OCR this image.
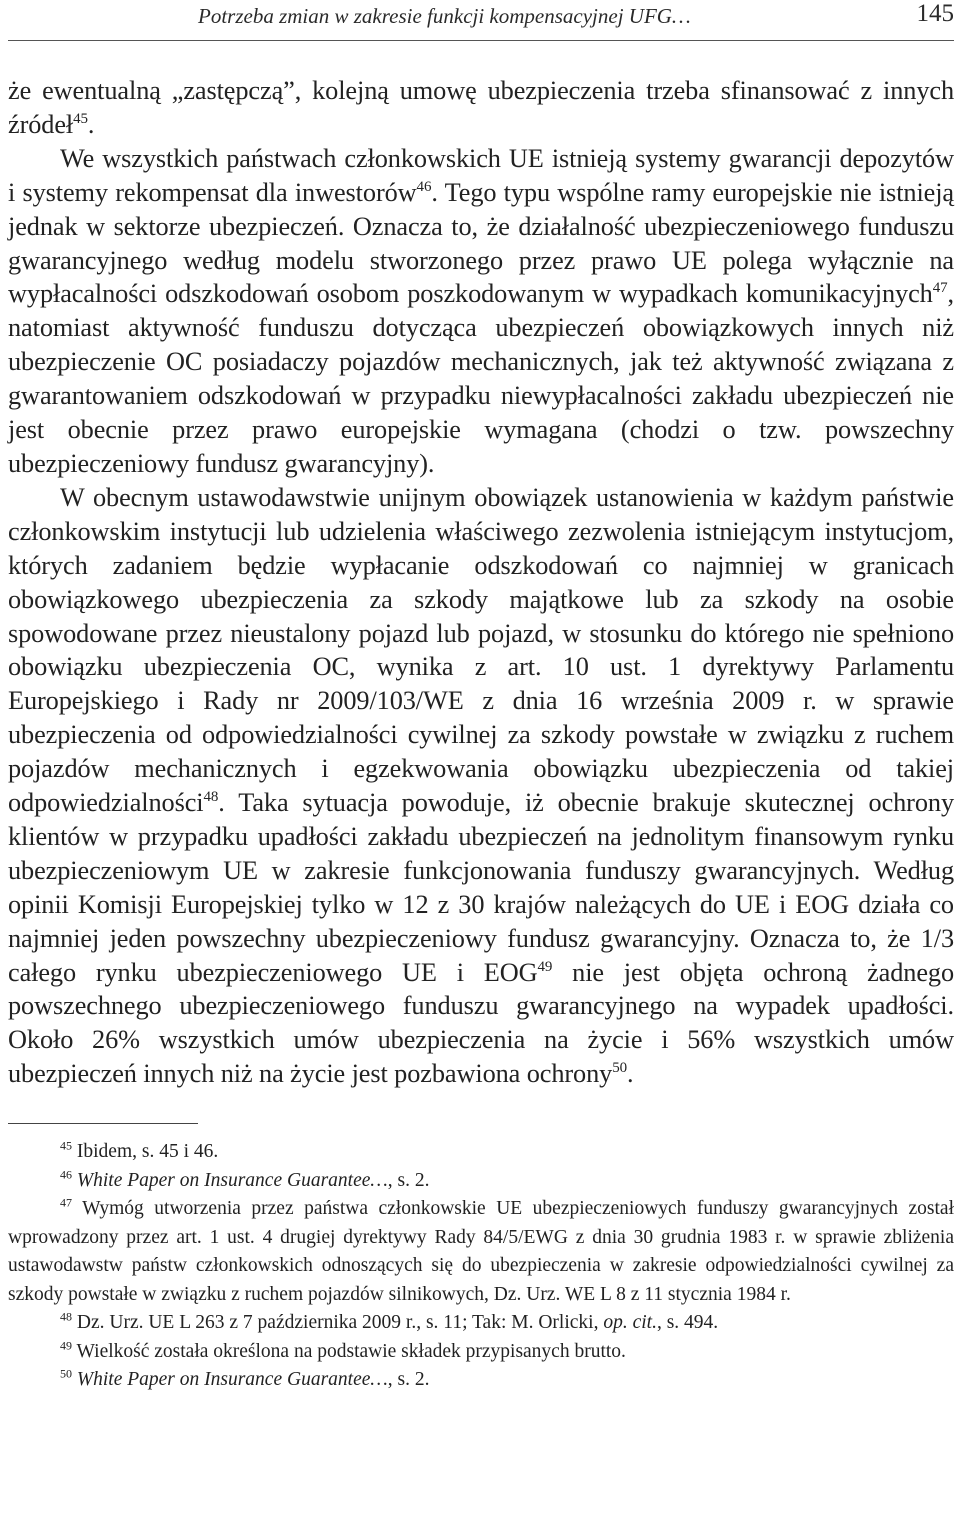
Potrzeba zmian w zakresie funkcji kompensacyjnej UFG…	145

że ewentualną „zastępczą”, kolejną umowę ubezpieczenia trzeba sfinansować z innych źródeł$^{45}$.

We wszystkich państwach członkowskich UE istnieją systemy gwarancji depozytów i systemy rekompensat dla inwestorów$^{46}$. Tego typu wspólne ramy europejskie nie istnieją jednak w sektorze ubezpieczeń. Oznacza to, że działalność ubezpieczeniowego funduszu gwarancyjnego według modelu stworzonego przez prawo UE polega wyłącznie na wypłacalności odszkodowań osobom poszkodowanym w wypadkach komunikacyjnych$^{47}$, natomiast aktywność funduszu dotycząca ubezpieczeń obowiązkowych innych niż ubezpieczenie OC posiadaczy pojazdów mechanicznych, jak też aktywność związana z gwarantowaniem odszkodowań w przypadku niewypłacalności zakładu ubezpieczeń nie jest obecnie przez prawo europejskie wymagana (chodzi o tzw. powszechny ubezpieczeniowy fundusz gwarancyjny).

W obecnym ustawodawstwie unijnym obowiązek ustanowienia w każdym państwie członkowskim instytucji lub udzielenia właściwego zezwolenia istniejącym instytucjom, których zadaniem będzie wypłacanie odszkodowań co najmniej w granicach obowiązkowego ubezpieczenia za szkody majątkowe lub za szkody na osobie spowodowane przez nieustalony pojazd lub pojazd, w stosunku do którego nie spełniono obowiązku ubezpieczenia OC, wynika z art. 10 ust. 1 dyrektywy Parlamentu Europejskiego i Rady nr 2009/103/WE z dnia 16 września 2009 r. w sprawie ubezpieczenia od odpowiedzialności cywilnej za szkody powstałe w związku z ruchem pojazdów mechanicznych i egzekwowania obowiązku ubezpieczenia od takiej odpowiedzialności$^{48}$. Taka sytuacja powoduje, iż obecnie brakuje skutecznej ochrony klientów w przypadku upadłości zakładu ubezpieczeń na jednolitym finansowym rynku ubezpieczeniowym UE w zakresie funkcjonowania funduszy gwarancyjnych. Według opinii Komisji Europejskiej tylko w 12 z 30 krajów należących do UE i EOG działa co najmniej jeden powszechny ubezpieczeniowy fundusz gwarancyjny. Oznacza to, że 1/3 całego rynku ubezpieczeniowego UE i EOG$^{49}$ nie jest objęta ochroną żadnego powszechnego ubezpieczeniowego funduszu gwarancyjnego na wypadek upadłości. Około 26% wszystkich umów ubezpieczenia na życie i 56% wszystkich umów ubezpieczeń innych niż na życie jest pozbawiona ochrony$^{50}$.

$^{45}$ Ibidem, s. 45 i 46.

$^{46}$ White Paper on Insurance Guarantee…, s. 2.

$^{47}$ Wymóg utworzenia przez państwa członkowskie UE ubezpieczeniowych funduszy gwarancyjnych został wprowadzony przez art. 1 ust. 4 drugiej dyrektywy Rady 84/5/EWG z dnia 30 grudnia 1983 r. w sprawie zbliżenia ustawodawstw państw członkowskich odnoszących się do ubezpieczenia w zakresie odpowiedzialności cywilnej za szkody powstałe w związku z ruchem pojazdów silnikowych, Dz. Urz. WE L 8 z 11 stycznia 1984 r.

$^{48}$ Dz. Urz. UE L 263 z 7 października 2009 r., s. 11; Tak: M. Orlicki, op. cit., s. 494.

$^{49}$ Wielkość została określona na podstawie składek przypisanych brutto.

$^{50}$ White Paper on Insurance Guarantee…, s. 2.
